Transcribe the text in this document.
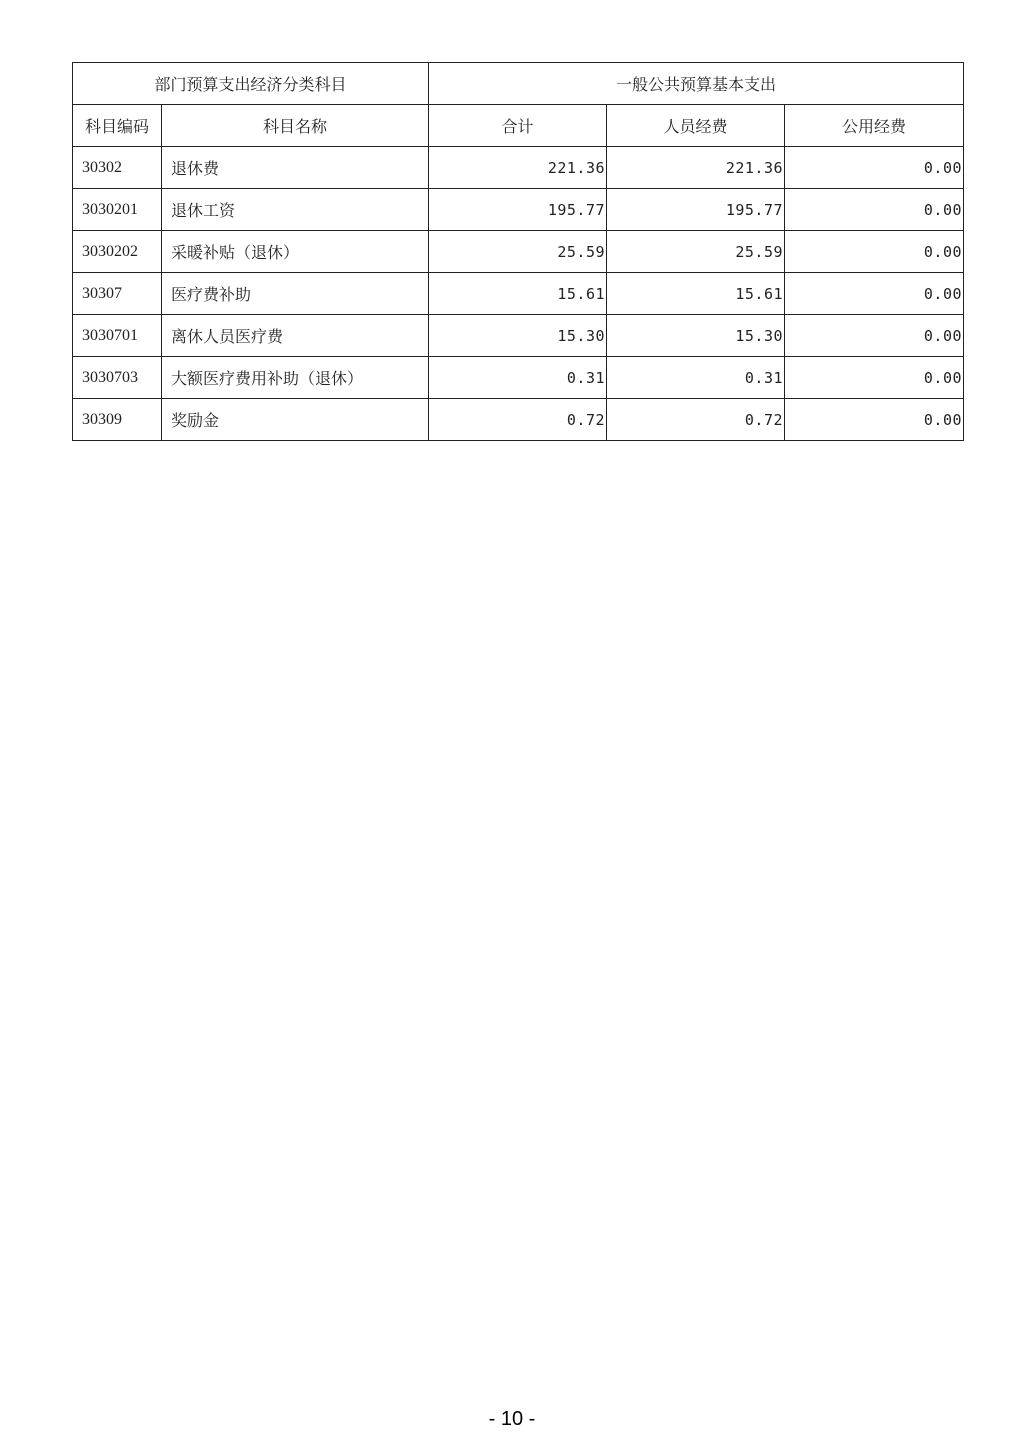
部门预算支出经济分类科目		一般公共预算基本支出		
科目编码	科目名称	合计	人员经费	公用经费
30302	退休费	221.36	221.36	0.00
3030201	退休工资	195.77	195.77	0.00
3030202	采暖补贴（退休）	25.59	25.59	0.00
30307	医疗费补助	15.61	15.61	0.00
3030701	离休人员医疗费	15.30	15.30	0.00
3030703	大额医疗费用补助（退休）	0.31	0.31	0.00
30309	奖励金	0.72	0.72	0.00
- 10 -
